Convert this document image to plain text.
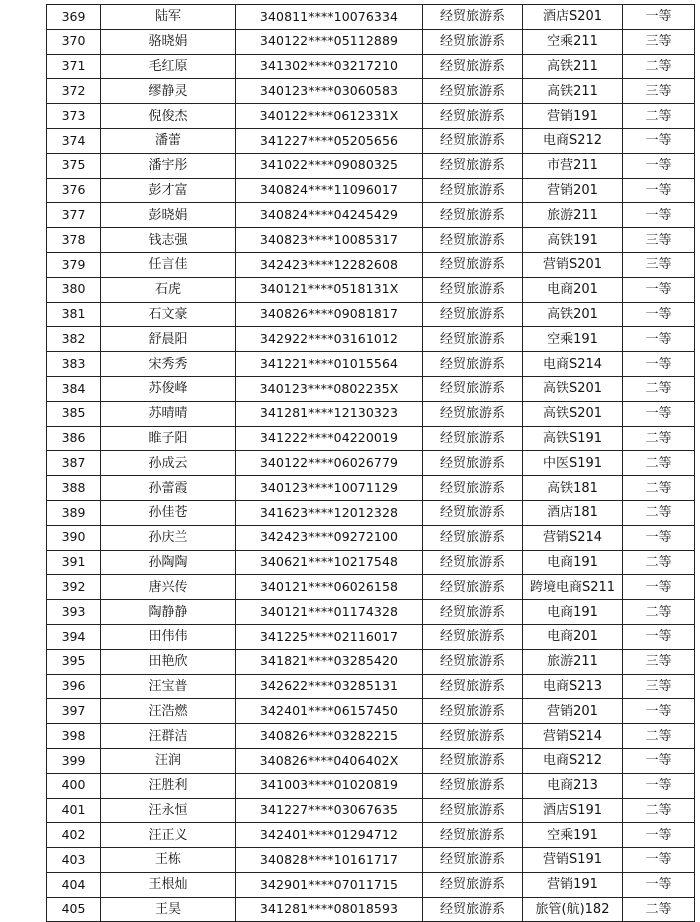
369	陆军	340811****10076334	经贸旅游系	酒店S201	一等
370	骆晓娟	340122****05112889	经贸旅游系	空乘211	三等
371	毛红原	341302****03217210	经贸旅游系	高铁211	二等
372	缪静灵	340123****03060583	经贸旅游系	高铁211	三等
373	倪俊杰	340122****0612331X	经贸旅游系	营销191	二等
374	潘蕾	341227****05205656	经贸旅游系	电商S212	一等
375	潘宇彤	341022****09080325	经贸旅游系	市营211	一等
376	彭才富	340824****11096017	经贸旅游系	营销201	一等
377	彭晓娟	340824****04245429	经贸旅游系	旅游211	一等
378	钱志强	340823****10085317	经贸旅游系	高铁191	三等
379	任言佳	342423****12282608	经贸旅游系	营销S201	三等
380	石虎	340121****0518131X	经贸旅游系	电商201	一等
381	石文豪	340826****09081817	经贸旅游系	高铁201	一等
382	舒晨阳	342922****03161012	经贸旅游系	空乘191	一等
383	宋秀秀	341221****01015564	经贸旅游系	电商S214	一等
384	苏俊峰	340123****0802235X	经贸旅游系	高铁S201	二等
385	苏晴晴	341281****12130323	经贸旅游系	高铁S201	一等
386	睢子阳	341222****04220019	经贸旅游系	高铁S191	二等
387	孙成云	340122****06026779	经贸旅游系	中医S191	二等
388	孙蕾霞	340123****10071129	经贸旅游系	高铁181	二等
389	孙佳苍	341623****12012328	经贸旅游系	酒店181	二等
390	孙庆兰	342423****09272100	经贸旅游系	营销S214	一等
391	孙陶陶	340621****10217548	经贸旅游系	电商191	二等
392	唐兴传	340121****06026158	经贸旅游系	跨境电商S211	一等
393	陶静静	340121****01174328	经贸旅游系	电商191	二等
394	田伟伟	341225****02116017	经贸旅游系	电商201	一等
395	田艳欣	341821****03285420	经贸旅游系	旅游211	三等
396	汪宝普	342622****03285131	经贸旅游系	电商S213	三等
397	汪浩燃	342401****06157450	经贸旅游系	营销201	一等
398	汪群洁	340826****03282215	经贸旅游系	营销S214	二等
399	汪润	340826****0406402X	经贸旅游系	电商S212	一等
400	汪胜利	341003****01020819	经贸旅游系	电商213	一等
401	汪永恒	341227****03067635	经贸旅游系	酒店S191	二等
402	汪正义	342401****01294712	经贸旅游系	空乘191	一等
403	王栋	340828****10161717	经贸旅游系	营销S191	一等
404	王根灿	342901****07011715	经贸旅游系	营销191	一等
405	王昊	341281****08018593	经贸旅游系	旅管(航)182	二等
